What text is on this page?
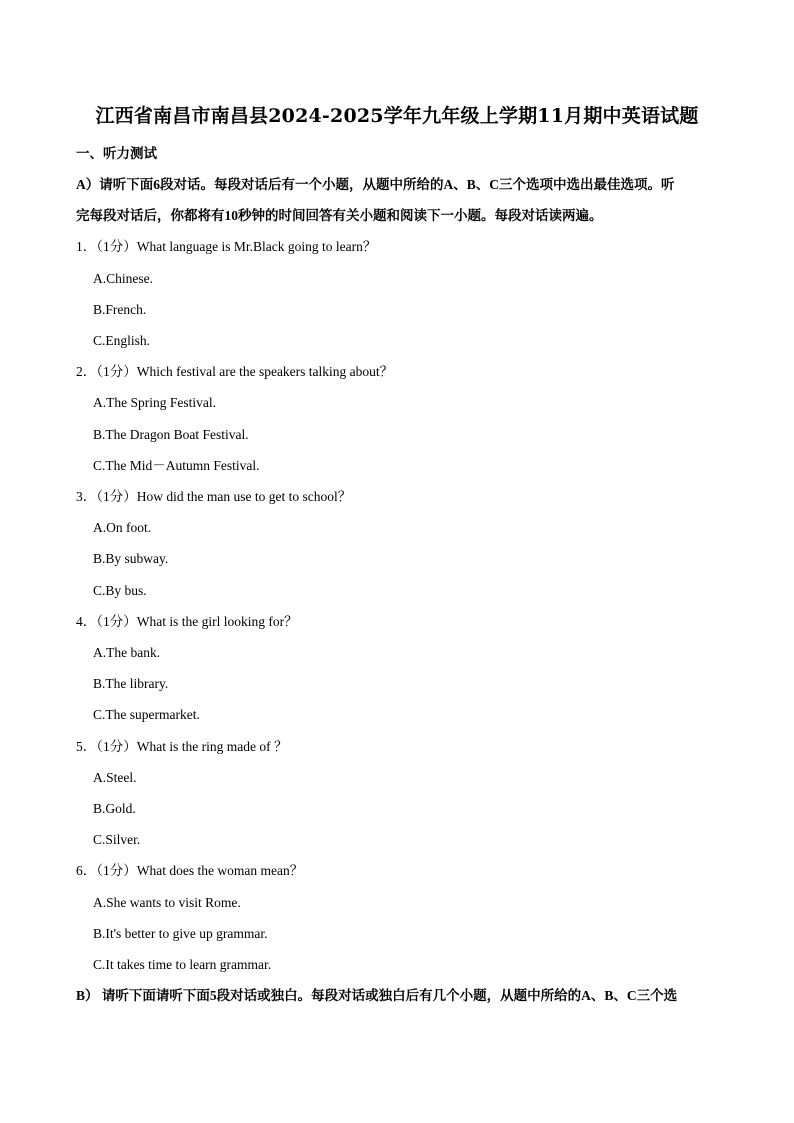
江西省南昌市南昌县2024-2025学年九年级上学期11月期中英语试题
一、听力测试
A）请听下面6段对话。每段对话后有一个小题，从题中所给的A、B、C三个选项中选出最佳选项。听
完每段对话后，你都将有10秒钟的时间回答有关小题和阅读下一小题。每段对话读两遍。
1．（1分）What language is Mr.Black going to learn？
A.Chinese.
B.French.
C.English.
2．（1分）Which festival are the speakers talking about？
A.The Spring Festival.
B.The Dragon Boat Festival.
C.The Mid－Autumn Festival.
3．（1分）How did the man use to get to school？
A.On foot.
B.By subway.
C.By bus.
4．（1分）What is the girl looking for？
A.The bank.
B.The library.
C.The supermarket.
5．（1分）What is the ring made of ？
A.Steel.
B.Gold.
C.Silver.
6．（1分）What does the woman mean？
A.She wants to visit Rome.
B.It's better to give up grammar.
C.It takes time to learn grammar.
B） 请听下面请听下面5段对话或独白。每段对话或独白后有几个小题，从题中所给的A、B、C三个选
